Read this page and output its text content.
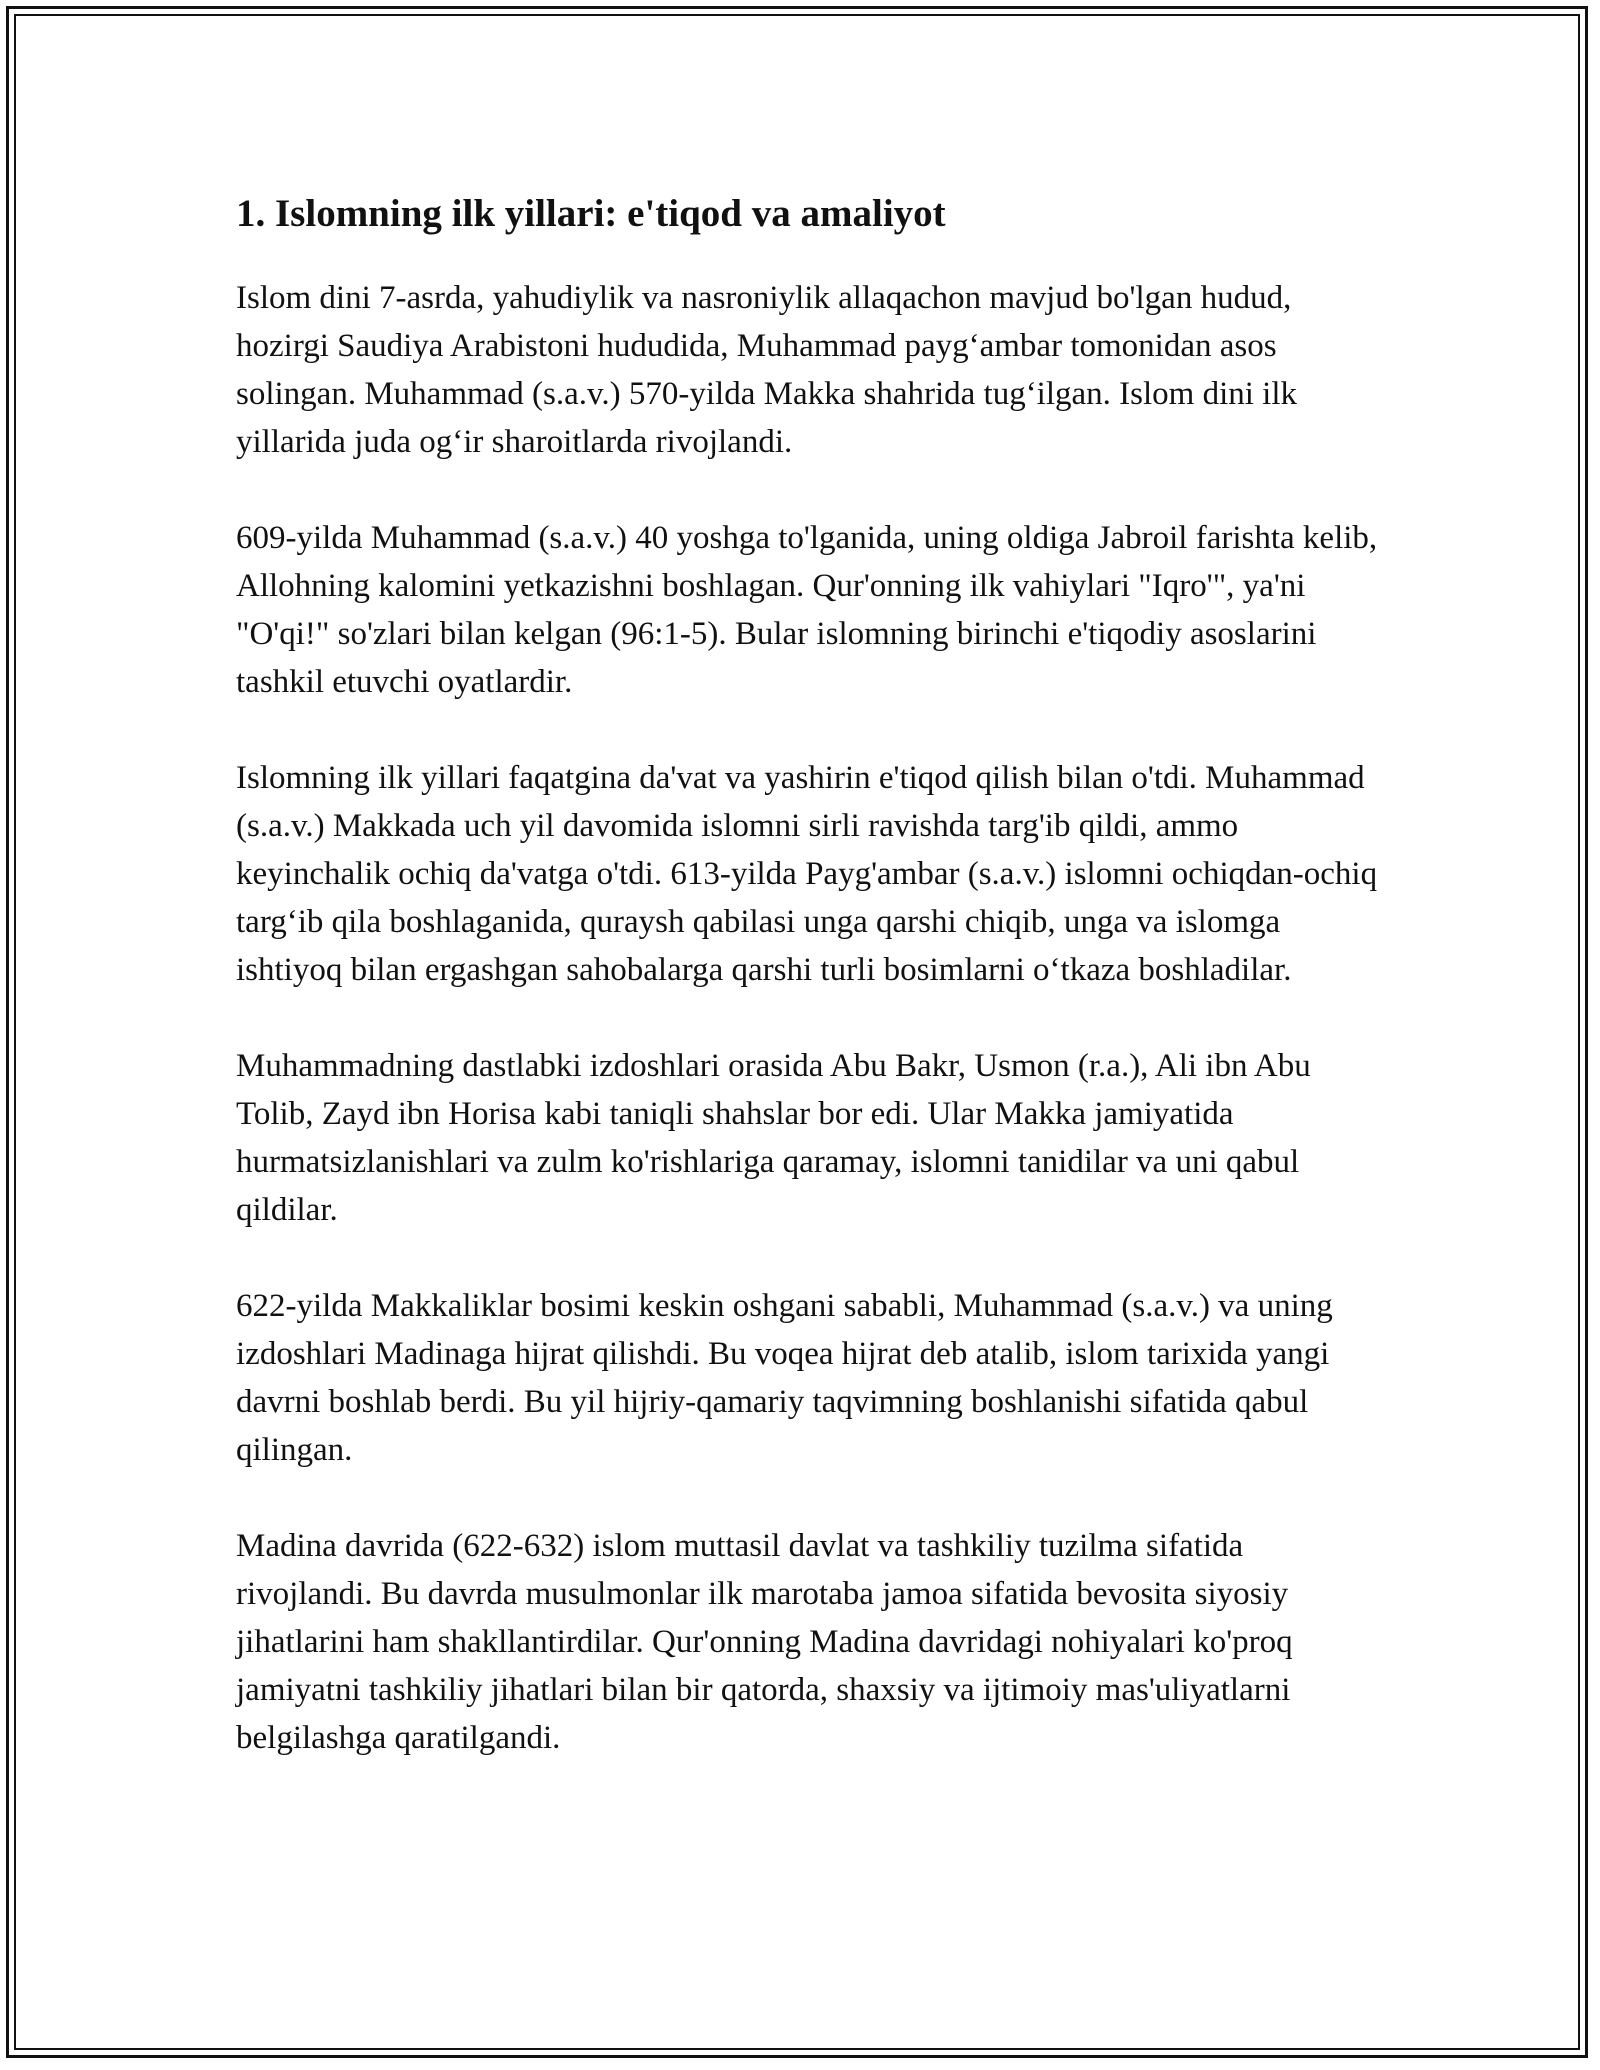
1. Islomning ilk yillari: e'tiqod va amaliyot

Islom dini 7-asrda, yahudiylik va nasroniylik allaqachon mavjud bo'lgan hudud, hozirgi Saudiya Arabistoni hududida, Muhammad payg‘ambar tomonidan asos solingan. Muhammad (s.a.v.) 570-yilda Makka shahrida tug‘ilgan. Islom dini ilk yillarida juda og‘ir sharoitlarda rivojlandi.

609-yilda Muhammad (s.a.v.) 40 yoshga to'lganida, uning oldiga Jabroil farishta kelib, Allohning kalomini yetkazishni boshlagan. Qur'onning ilk vahiylari "Iqro'", ya'ni "O'qi!" so'zlari bilan kelgan (96:1-5). Bular islomning birinchi e'tiqodiy asoslarini tashkil etuvchi oyatlardir.

Islomning ilk yillari faqatgina da'vat va yashirin e'tiqod qilish bilan o'tdi. Muhammad (s.a.v.) Makkada uch yil davomida islomni sirli ravishda targ'ib qildi, ammo keyinchalik ochiq da'vatga o'tdi. 613-yilda Payg'ambar (s.a.v.) islomni ochiqdan-ochiq targ‘ib qila boshlaganida, quraysh qabilasi unga qarshi chiqib, unga va islomga ishtiyoq bilan ergashgan sahobalarga qarshi turli bosimlarni o‘tkaza boshladilar.

Muhammadning dastlabki izdoshlari orasida Abu Bakr, Usmon (r.a.), Ali ibn Abu Tolib, Zayd ibn Horisa kabi taniqli shahslar bor edi. Ular Makka jamiyatida hurmatsizlanishlari va zulm ko'rishlariga qaramay, islomni tanidilar va uni qabul qildilar.

622-yilda Makkaliklar bosimi keskin oshgani sababli, Muhammad (s.a.v.) va uning izdoshlari Madinaga hijrat qilishdi. Bu voqea hijrat deb atalib, islom tarixida yangi davrni boshlab berdi. Bu yil hijriy-qamariy taqvimning boshlanishi sifatida qabul qilingan.

Madina davrida (622-632) islom muttasil davlat va tashkiliy tuzilma sifatida rivojlandi. Bu davrda musulmonlar ilk marotaba jamoa sifatida bevosita siyosiy jihatlarini ham shakllantirdilar. Qur'onning Madina davridagi nohiyalari ko'proq jamiyatni tashkiliy jihatlari bilan bir qatorda, shaxsiy va ijtimoiy mas'uliyatlarni belgilashga qaratilgandi.
